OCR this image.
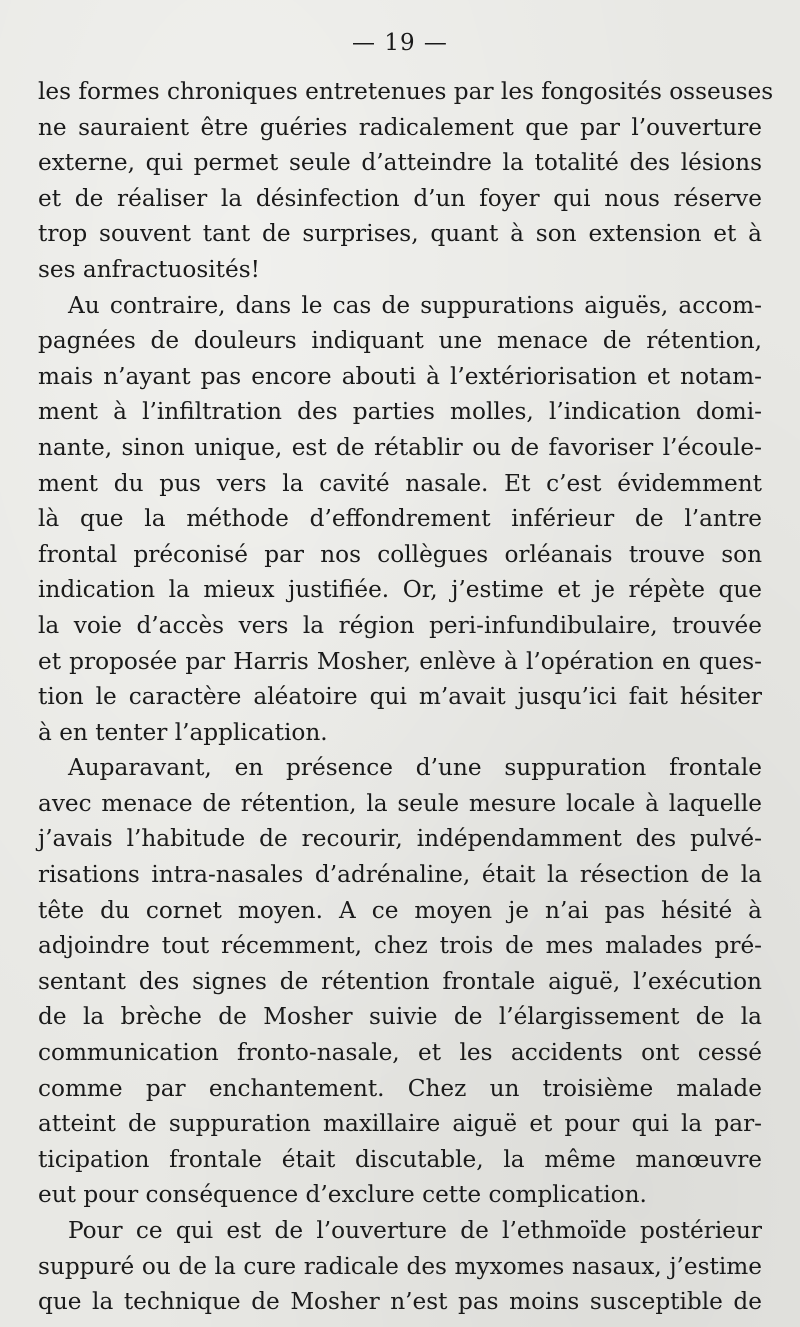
— 19 —
les formes chroniques entretenues par les fongosités osseuses
ne sauraient être guéries radicalement que par l’ouverture
externe, qui permet seule d’atteindre la totalité des lésions
et de réaliser la désinfection d’un foyer qui nous réserve
trop souvent tant de surprises, quant à son extension et à
ses anfractuosités!
Au contraire, dans le cas de suppurations aiguës, accom-
pagnées de douleurs indiquant une menace de rétention,
mais n’ayant pas encore abouti à l’extériorisation et notam-
ment à l’infiltration des parties molles, l’indication domi-
nante, sinon unique, est de rétablir ou de favoriser l’écoule-
ment du pus vers la cavité nasale. Et c’est évidemment
là que la méthode d’effondrement inférieur de l’antre
frontal préconisé par nos collègues orléanais trouve son
indication la mieux justifiée. Or, j’estime et je répète que
la voie d’accès vers la région peri-infundibulaire, trouvée
et proposée par Harris Mosher, enlève à l’opération en ques-
tion le caractère aléatoire qui m’avait jusqu’ici fait hésiter
à en tenter l’application.
Auparavant, en présence d’une suppuration frontale
avec menace de rétention, la seule mesure locale à laquelle
j’avais l’habitude de recourir, indépendamment des pulvé-
risations intra-nasales d’adrénaline, était la résection de la
tête du cornet moyen. A ce moyen je n’ai pas hésité à
adjoindre tout récemment, chez trois de mes malades pré-
sentant des signes de rétention frontale aiguë, l’exécution
de la brèche de Mosher suivie de l’élargissement de la
communication fronto-nasale, et les accidents ont cessé
comme par enchantement. Chez un troisième malade
atteint de suppuration maxillaire aiguë et pour qui la par-
ticipation frontale était discutable, la même manœuvre
eut pour conséquence d’exclure cette complication.
Pour ce qui est de l’ouverture de l’ethmoïde postérieur
suppuré ou de la cure radicale des myxomes nasaux, j’estime
que la technique de Mosher n’est pas moins susceptible de
